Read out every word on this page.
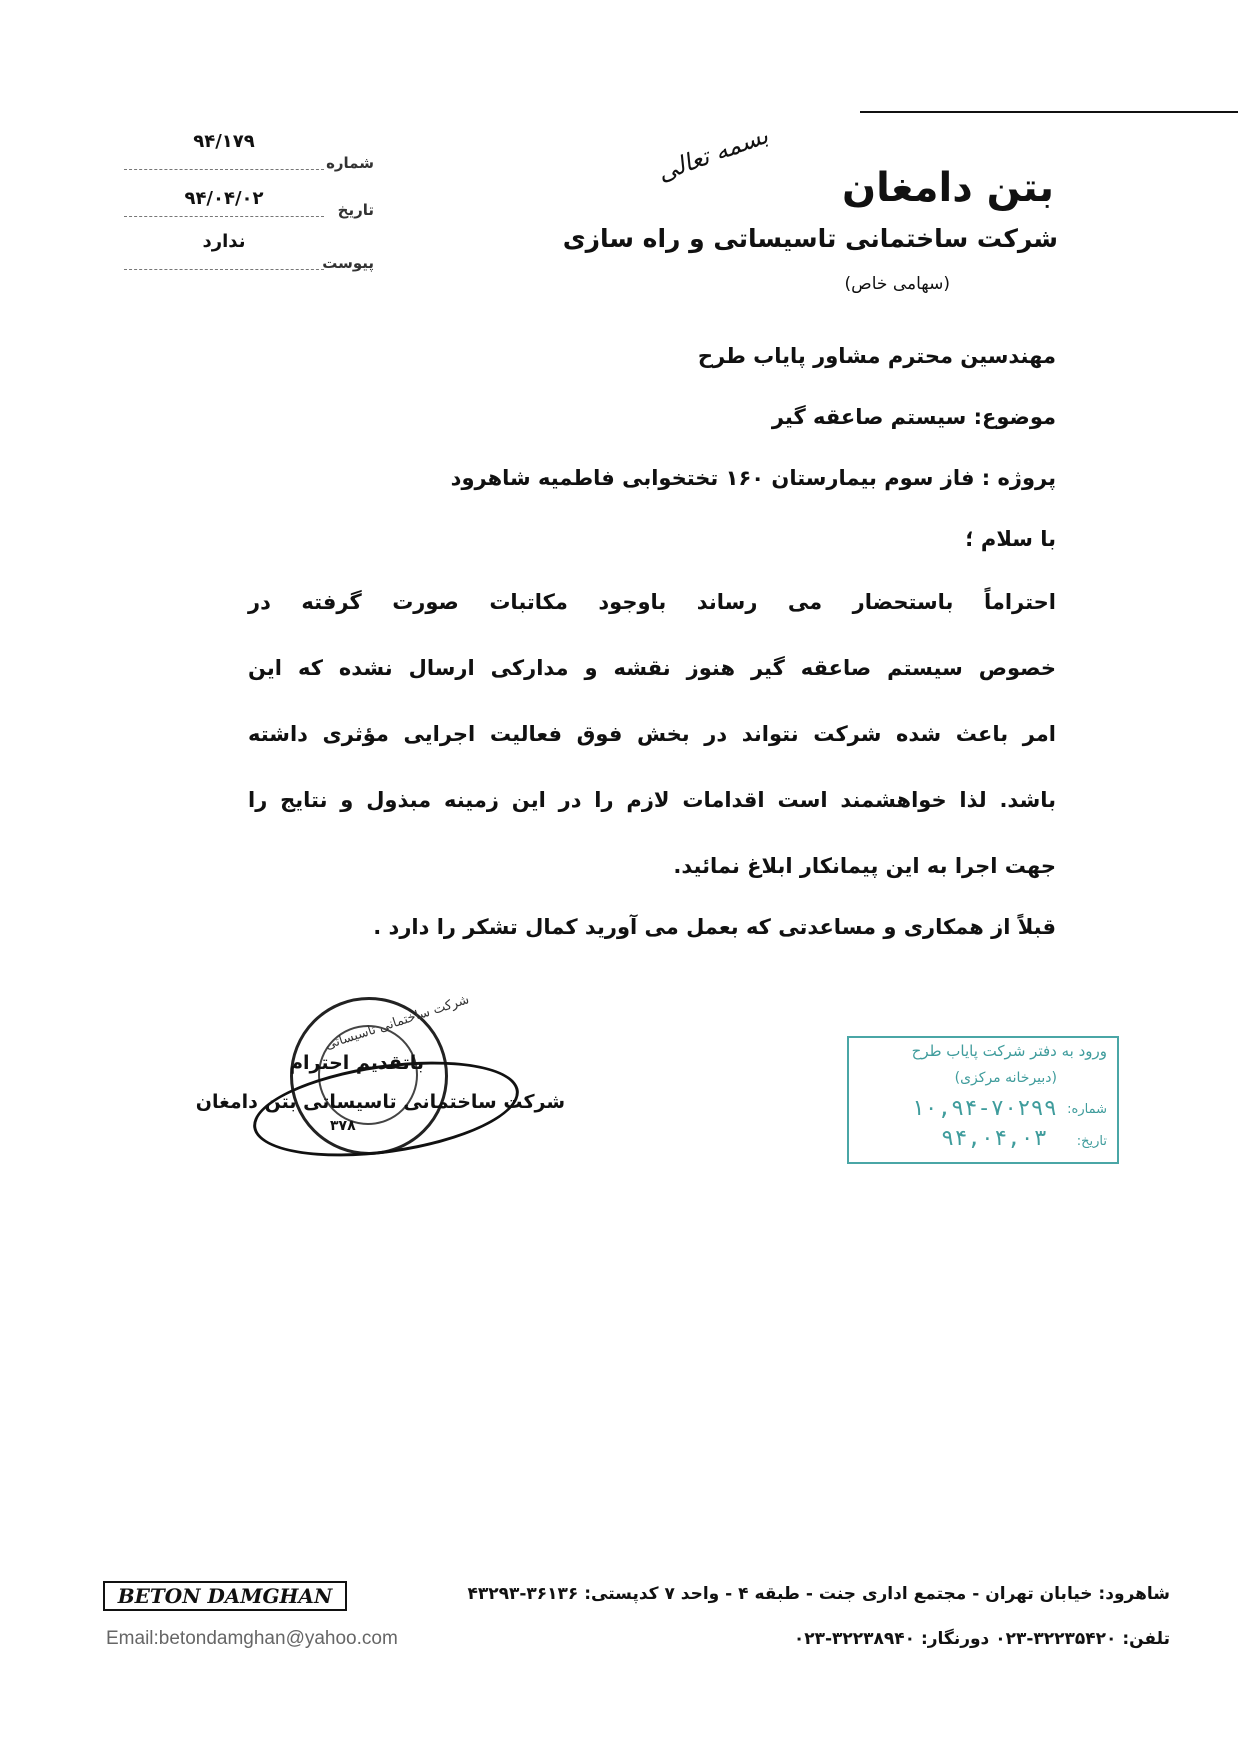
بسمه تعالی
بتن دامغان
شرکت ساختمانی تاسیساتی و راه سازی
(سهامی خاص)
شماره
۹۴/۱۷۹
تاریخ
۹۴/۰۴/۰۲
پیوست
ندارد
مهندسین محترم مشاور پایاب طرح
موضوع: سیستم صاعقه گیر
پروژه : فاز سوم بیمارستان ۱۶۰ تختخوابی فاطمیه شاهرود
با سلام ؛
احتراماً باستحضار می رساند باوجود مکاتبات صورت گرفته در
خصوص سیستم صاعقه گیر هنوز نقشه و مدارکی ارسال نشده که این
امر باعث شده شرکت نتواند در بخش فوق فعالیت اجرایی مؤثری داشته
باشد. لذا خواهشمند است اقدامات لازم را در این زمینه مبذول و نتایج را
جهت اجرا به این پیمانکار ابلاغ نمائید.
قبلاً از همکاری و مساعدتی که بعمل می آورید کمال تشکر را دارد .
شرکت ساختمانی تاسیساتی
۳۷۸
باتقدیم احترام
شرکت ساختمانی تاسیساتی بتن دامغان
ورود به دفتر شرکت پایاب طرح
(دبیرخانه مرکزی)
شماره:
۱۰,۹۴-۷۰۲۹۹
تاریخ:
۹۴,۰۴,۰۳
BETON DAMGHAN
Email:betondamghan@yahoo.com
شاهرود: خیابان تهران - مجتمع اداری جنت - طبقه ۴ - واحد ۷ کدپستی: ۳۶۱۳۶-۴۳۲۹۳
تلفن: ۳۲۲۳۵۴۲۰-۰۲۳ دورنگار: ۳۲۲۳۸۹۴۰-۰۲۳
